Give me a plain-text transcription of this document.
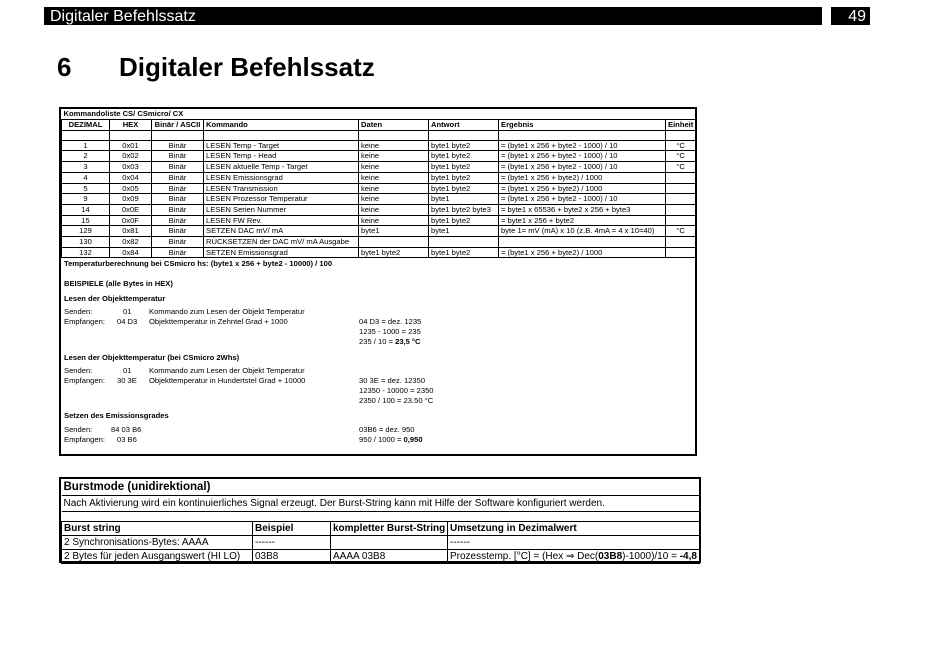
Digitaler Befehlssatz	49
6 Digitaler Befehlssatz
Kommandoliste CS/ CSmicro/ CX							
DEZIMAL	HEX	Binär / ASCII	Kommando	Daten	Antwort	Ergebnis	Einheit

1	0x01	Binär	LESEN Temp - Target	keine	byte1 byte2	= (byte1 x 256 + byte2 - 1000) / 10	°C
2	0x02	Binär	LESEN Temp - Head	keine	byte1 byte2	= (byte1 x 256 + byte2 - 1000) / 10	°C
3	0x03	Binär	LESEN aktuelle Temp - Target	keine	byte1 byte2	= (byte1 x 256 + byte2 - 1000) / 10	°C
4	0x04	Binär	LESEN Emissionsgrad	keine	byte1 byte2	= (byte1 x 256 + byte2) / 1000	
5	0x05	Binär	LESEN Transmission	keine	byte1 byte2	= (byte1 x 256 + byte2) / 1000	
9	0x09	Binär	LESEN Prozessor Temperatur	keine	byte1	= (byte1 x 256 + byte2 - 1000) / 10	
14	0x0E	Binär	LESEN Serien Nummer	keine	byte1 byte2 byte3	= byte1 x 65536 + byte2 x 256 + byte3	
15	0x0F	Binär	LESEN FW Rev.	keine	byte1 byte2	= byte1 x 256 + byte2	
129	0x81	Binär	SETZEN DAC mV/ mA	byte1	byte1	byte 1= mV (mA) x 10 (z.B. 4mA = 4 x 10=40)	°C
130	0x82	Binär	RÜCKSETZEN der DAC mV/ mA Ausgabe				
132	0x84	Binär	SETZEN Emissionsgrad	byte1 byte2	byte1 byte2	= (byte1 x 256 + byte2) / 1000	
Temperaturberechnung bei CSmicro hs: (byte1 x 256 + byte2 - 10000) / 100
BEISPIELE (alle Bytes in HEX)
Lesen der Objekttemperatur
Senden:	01 Kommando zum Lesen der Objekt Temperatur
Empfangen: 04 D3 Objekttemperatur in Zehntel Grad + 1000	04 D3 = dez. 1235
1235 - 1000 = 235
235 / 10 = 23,5 °C
Lesen der Objekttemperatur (bei CSmicro 2Whs)
Senden:	01 Kommando zum Lesen der Objekt Temperatur
Empfangen: 30 3E Objekttemperatur in Hundertstel Grad + 10000	30 3E = dez. 12350
12350 - 10000 = 2350
2350 / 100 = 23.50 °C
Setzen des Emissionsgrades
Senden: 84 03 B6	03B6 = dez. 950
Empfangen: 03 B6	950 / 1000 = 0,950
Burstmode (unidirektional)			
Nach Aktivierung wird ein kontinuierliches Signal erzeugt. Der Burst-String kann mit Hilfe der Software konfiguriert werden.			

Burst string	Beispiel	kompletter Burst-String	Umsetzung in Dezimalwert
2 Synchronisations-Bytes: AAAA	------		------
2 Bytes für jeden Ausgangswert (HI LO)	03B8	AAAA 03B8	Prozesstemp. [°C] = (Hex ⇒ Dec(03B8)-1000)/10 = -4,8
